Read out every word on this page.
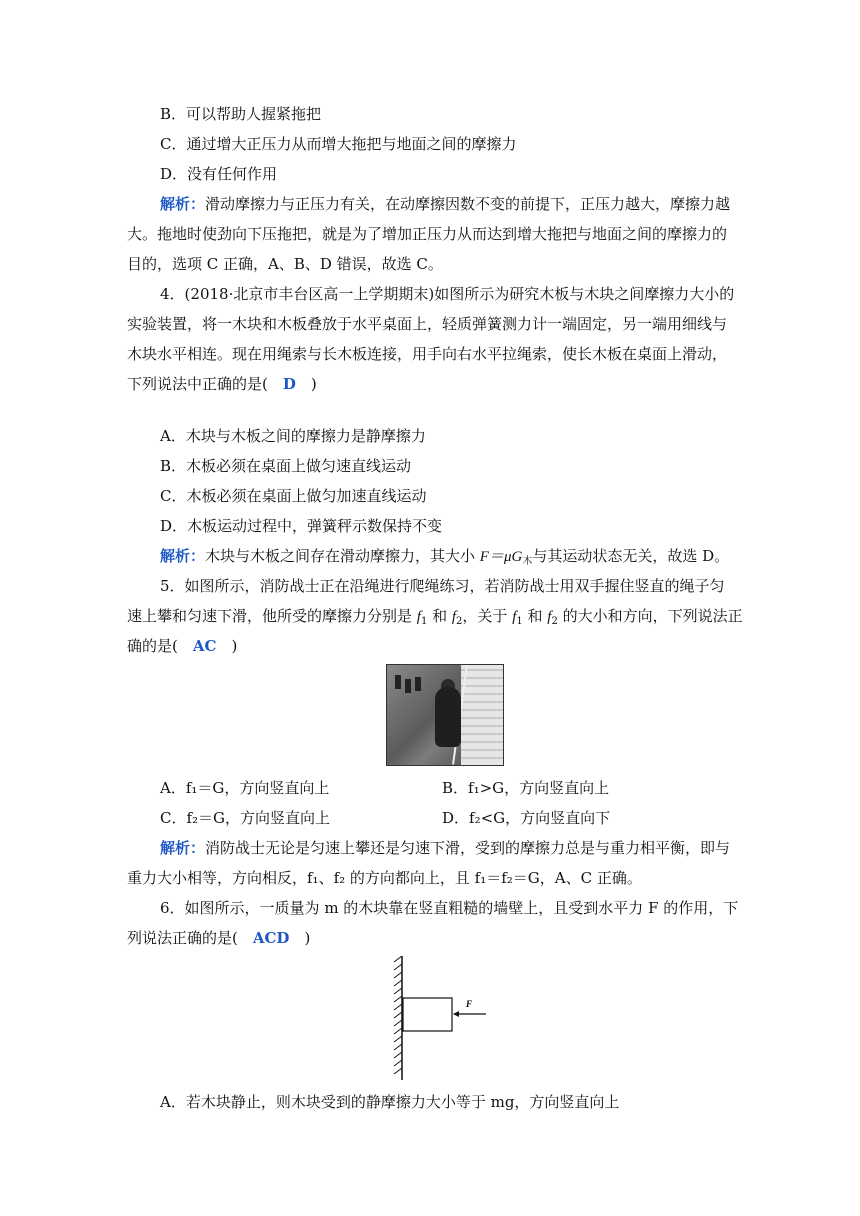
B．可以帮助人握紧拖把
C．通过增大正压力从而增大拖把与地面之间的摩擦力
D．没有任何作用
解析：滑动摩擦力与正压力有关，在动摩擦因数不变的前提下，正压力越大，摩擦力越
大。拖地时使劲向下压拖把，就是为了增加正压力从而达到增大拖把与地面之间的摩擦力的
目的，选项 C 正确，A、B、D 错误，故选 C。
4．(2018·北京市丰台区高一上学期期末)如图所示为研究木板与木块之间摩擦力大小的
实验装置，将一木块和木板叠放于水平桌面上，轻质弹簧测力计一端固定，另一端用细线与
木块水平相连。现在用绳索与长木板连接，用手向右水平拉绳索，使长木板在桌面上滑动，
下列说法中正确的是(　D　)
A．木块与木板之间的摩擦力是静摩擦力
B．木板必须在桌面上做匀速直线运动
C．木板必须在桌面上做匀加速直线运动
D．木板运动过程中，弹簧秤示数保持不变
解析：木块与木板之间存在滑动摩擦力，其大小 $F=\mu G_木$与其运动状态无关，故选 D。
5．如图所示，消防战士正在沿绳进行爬绳练习，若消防战士用双手握住竖直的绳子匀
速上攀和匀速下滑，他所受的摩擦力分别是 $f_1$ 和 $f_2$，关于 $f_1$ 和 $f_2$ 的大小和方向，下列说法正
确的是(　AC　)
A．f₁＝G，方向竖直向上	B．f₁>G，方向竖直向上
C．f₂＝G，方向竖直向上	D．f₂<G，方向竖直向下
解析：消防战士无论是匀速上攀还是匀速下滑，受到的摩擦力总是与重力相平衡，即与
重力大小相等，方向相反，f₁、f₂ 的方向都向上，且 f₁＝f₂＝G，A、C 正确。
6．如图所示，一质量为 m 的木块靠在竖直粗糙的墙壁上，且受到水平力 F 的作用，下
列说法正确的是(　ACD　)
F
A．若木块静止，则木块受到的静摩擦力大小等于 mg，方向竖直向上
